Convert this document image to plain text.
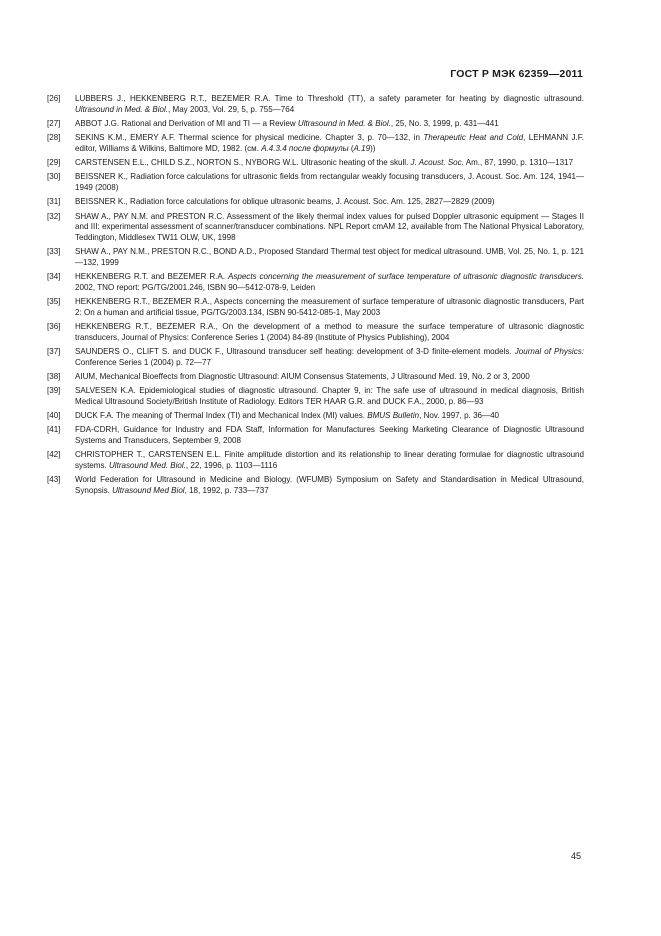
ГОСТ Р МЭК 62359—2011
[26]	LUBBERS J., HEKKENBERG R.T., BEZEMER R.A. Time to Threshold (TT), a safety parameter for heating by diagnostic ultrasound. Ultrasound in Med. & Biol., May 2003, Vol. 29, 5, p. 755—764
[27]	ABBOT J.G. Rational and Derivation of MI and TI — a Review Ultrasound in Med. & Biol., 25, No. 3, 1999, p. 431—441
[28]	SEKINS K.M., EMERY A.F. Thermal science for physical medicine. Chapter 3, p. 70—132, in Therapeutic Heat and Cold, LEHMANN J.F. editor, Williams & Wilkins, Baltimore MD, 1982. (см. А.4.3.4 после формулы (А.19))
[29]	CARSTENSEN E.L., CHILD S.Z., NORTON S., NYBORG W.L. Ultrasonic heating of the skull. J. Acoust. Soc. Am., 87, 1990, p. 1310—1317
[30]	BEISSNER K., Radiation force calculations for ultrasonic fields from rectangular weakly focusing transducers, J. Acoust. Soc. Am. 124, 1941—1949 (2008)
[31]	BEISSNER K., Radiation force calculations for oblique ultrasonic beams, J. Acoust. Soc. Am. 125, 2827—2829 (2009)
[32]	SHAW A., PAY N.M. and PRESTON R.C. Assessment of the likely thermal index values for pulsed Doppler ultrasonic equipment — Stages II and III: experimental assessment of scanner/transducer combinations. NPL Report cmAM 12, available from The National Physical Laboratory, Teddington, Middlesex TW11 OLW, UK, 1998
[33]	SHAW A., PAY N.M., PRESTON R.C., BOND A.D., Proposed Standard Thermal test object for medical ultrasound. UMB, Vol. 25, No. 1, p. 121—132, 1999
[34]	HEKKENBERG R.T. and BEZEMER R.A. Aspects concerning the measurement of surface temperature of ultrasonic diagnostic transducers. 2002, TNO report: PG/TG/2001.246, ISBN 90—5412-078-9, Leiden
[35]	HEKKENBERG R.T., BEZEMER R.A., Aspects concerning the measurement of surface temperature of ultrasonic diagnostic transducers, Part 2: On a human and artificial tissue, PG/TG/2003.134, ISBN 90-5412-085-1, May 2003
[36]	HEKKENBERG R.T., BEZEMER R.A., On the development of a method to measure the surface temperature of ultrasonic diagnostic transducers, Journal of Physics: Conference Series 1 (2004) 84-89 (Institute of Physics Publishing), 2004
[37]	SAUNDERS O., CLIFT S. and DUCK F., Ultrasound transducer self heating: development of 3-D finite-element models. Journal of Physics: Conference Series 1 (2004) p. 72—77
[38]	AIUM, Mechanical Bioeffects from Diagnostic Ultrasound: AIUM Consensus Statements, J Ultrasound Med. 19, No. 2 or 3, 2000
[39]	SALVESEN K.A. Epidemiological studies of diagnostic ultrasound. Chapter 9, in: The safe use of ultrasound in medical diagnosis, British Medical Ultrasound Society/British Institute of Radiology. Editors TER HAAR G.R. and DUCK F.A., 2000, p. 86—93
[40]	DUCK F.A. The meaning of Thermal Index (TI) and Mechanical Index (MI) values. BMUS Bulletin, Nov. 1997, p. 36—40
[41]	FDA-CDRH, Guidance for Industry and FDA Staff, Information for Manufactures Seeking Marketing Clearance of Diagnostic Ultrasound Systems and Transducers, September 9, 2008
[42]	CHRISTOPHER T., CARSTENSEN E.L. Finite amplitude distortion and its relationship to linear derating formulae for diagnostic ultrasound systems. Ultrasound Med. Biol., 22, 1996, p. 1103—1116
[43]	World Federation for Ultrasound in Medicine and Biology. (WFUMB) Symposium on Safety and Standardisation in Medical Ultrasound, Synopsis. Ultrasound Med Biol, 18, 1992, p. 733—737
45
